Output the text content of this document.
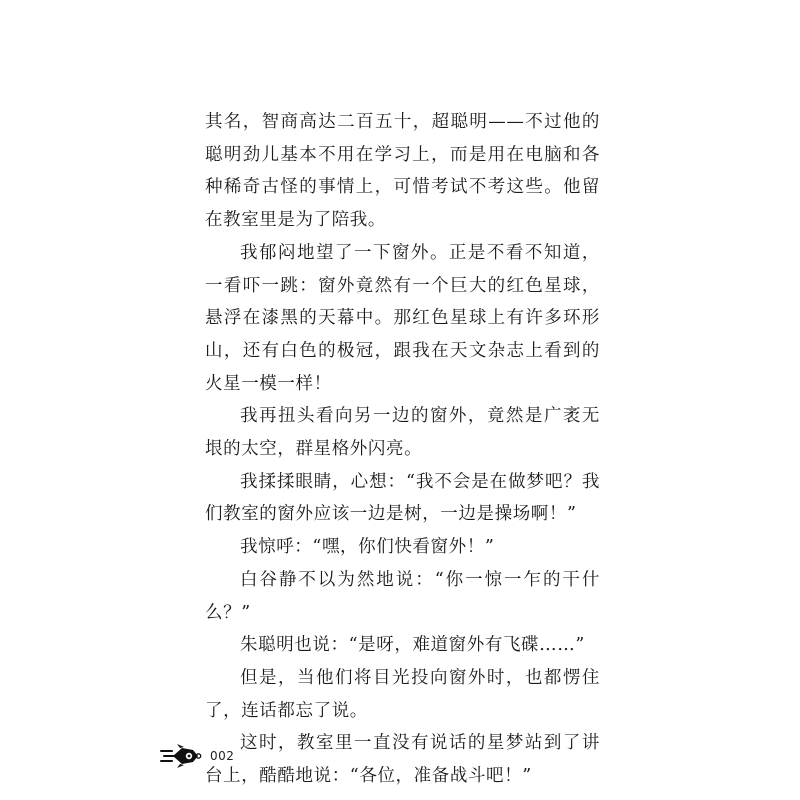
其名，智商高达二百五十，超聪明——不过他的聪明劲儿基本不用在学习上，而是用在电脑和各种稀奇古怪的事情上，可惜考试不考这些。他留在教室里是为了陪我。

我郁闷地望了一下窗外。正是不看不知道，一看吓一跳：窗外竟然有一个巨大的红色星球，悬浮在漆黑的天幕中。那红色星球上有许多环形山，还有白色的极冠，跟我在天文杂志上看到的火星一模一样！

我再扭头看向另一边的窗外，竟然是广袤无垠的太空，群星格外闪亮。

我揉揉眼睛，心想：“我不会是在做梦吧？我们教室的窗外应该一边是树，一边是操场啊！”

我惊呼：“嘿，你们快看窗外！”

白谷静不以为然地说：“你一惊一乍的干什么？”

朱聪明也说：“是呀，难道窗外有飞碟……”

但是，当他们将目光投向窗外时，也都愣住了，连话都忘了说。

这时，教室里一直没有说话的星梦站到了讲台上，酷酷地说：“各位，准备战斗吧！”

002
